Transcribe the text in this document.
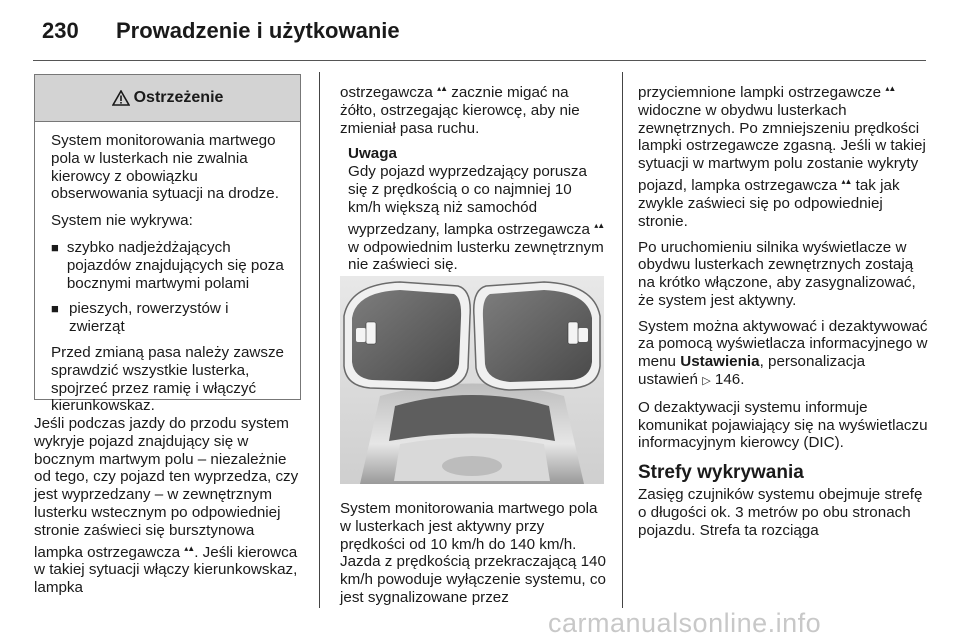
230 Prowadzenie i użytkowanie
Ostrzeżenie

System monitorowania martwego pola w lusterkach nie zwalnia kierowcy z obowiązku obserwowania sytuacji na drodze.

System nie wykrywa:

■ szybko nadjeżdżających pojazdów znajdujących się poza bocznymi martwymi polami
■ pieszych, rowerzystów i zwierząt

Przed zmianą pasa należy zawsze sprawdzić wszystkie lusterka, spojrzeć przez ramię i włączyć kierunkowskaz.

Jeśli podczas jazdy do przodu system wykryje pojazd znajdujący się w bocznym martwym polu – niezależnie od tego, czy pojazd ten wyprzedza, czy jest wyprzedzany – w zewnętrznym lusterku wstecznym po odpowiedniej stronie zaświeci się bursztynowa lampka ostrzegawcza ▴▲. Jeśli kierowca w takiej sytuacji włączy kierunkowskaz, lampka

ostrzegawcza ▴▲ zacznie migać na żółto, ostrzegając kierowcę, aby nie zmieniał pasa ruchu.

Uwaga
Gdy pojazd wyprzedzający porusza się z prędkością o co najmniej 10 km/h większą niż samochód wyprzedzany, lampka ostrzegawcza ▴▲ w odpowiednim lusterku zewnętrznym nie zaświeci się.

System monitorowania martwego pola w lusterkach jest aktywny przy prędkości od 10 km/h do 140 km/h. Jazda z prędkością przekraczającą 140 km/h powoduje wyłączenie systemu, co jest sygnalizowane przez

przyciemnione lampki ostrzegawcze ▴▲ widoczne w obydwu lusterkach zewnętrznych. Po zmniejszeniu prędkości lampki ostrzegawcze zgasną. Jeśli w takiej sytuacji w martwym polu zostanie wykryty pojazd, lampka ostrzegawcza ▴▲ tak jak zwykle zaświeci się po odpowiedniej stronie.

Po uruchomieniu silnika wyświetlacze w obydwu lusterkach zewnętrznych zostają na krótko włączone, aby zasygnalizować, że system jest aktywny.

System można aktywować i dezaktywować za pomocą wyświetlacza informacyjnego w menu Ustawienia, personalizacja ustawień ▷ 146.

O dezaktywacji systemu informuje komunikat pojawiający się na wyświetlaczu informacyjnym kierowcy (DIC).

Strefy wykrywania

Zasięg czujników systemu obejmuje strefę o długości ok. 3 metrów po obu stronach pojazdu. Strefa ta rozciąga

carmanualsonline.info
